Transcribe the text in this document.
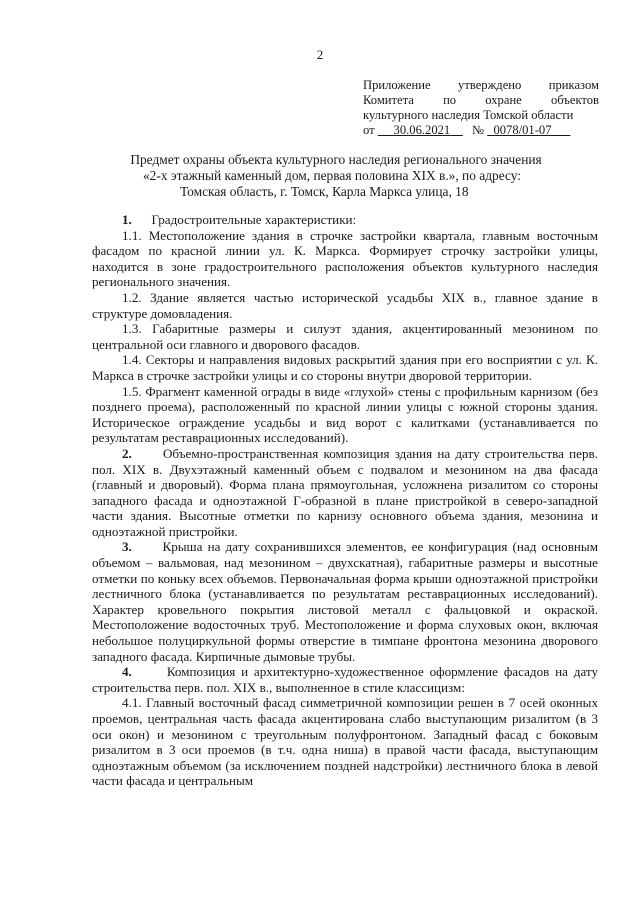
2
Приложение утверждено приказом
Комитета по охране объектов
культурного наследия Томской области
от 30.06.2021 № 0078/01-07
Предмет охраны объекта культурного наследия регионального значения
«2-х этажный каменный дом, первая половина XIX в.», по адресу:
Томская область, г. Томск, Карла Маркса улица, 18

1. Градостроительные характеристики:

1.1. Местоположение здания в строчке застройки квартала, главным восточным фасадом по красной линии ул. К. Маркса. Формирует строчку застройки улицы, находится в зоне градостроительного расположения объектов культурного наследия регионального значения.

1.2. Здание является частью исторической усадьбы XIX в., главное здание в структуре домовладения.

1.3. Габаритные размеры и силуэт здания, акцентированный мезонином по центральной оси главного и дворового фасадов.

1.4. Секторы и направления видовых раскрытий здания при его восприятии с ул. К. Маркса в строчке застройки улицы и со стороны внутри дворовой территории.

1.5. Фрагмент каменной ограды в виде «глухой» стены с профильным карнизом (без позднего проема), расположенный по красной линии улицы с южной стороны здания. Историческое ограждение усадьбы и вид ворот с калитками (устанавливается по результатам реставрационных исследований).

2. Объемно-пространственная композиция здания на дату строительства перв. пол. XIX в. Двухэтажный каменный объем с подвалом и мезонином на два фасада (главный и дворовый). Форма плана прямоугольная, усложнена ризалитом со стороны западного фасада и одноэтажной Г-образной в плане пристройкой в северо-западной части здания. Высотные отметки по карнизу основного объема здания, мезонина и одноэтажной пристройки.

3. Крыша на дату сохранившихся элементов, ее конфигурация (над основным объемом – вальмовая, над мезонином – двухскатная), габаритные размеры и высотные отметки по коньку всех объемов. Первоначальная форма крыши одноэтажной пристройки лестничного блока (устанавливается по результатам реставрационных исследований). Характер кровельного покрытия листовой металл с фальцовкой и окраской. Местоположение водосточных труб. Местоположение и форма слуховых окон, включая небольшое полуциркульной формы отверстие в тимпане фронтона мезонина дворового западного фасада. Кирпичные дымовые трубы.

4.	Композиция и архитектурно-художественное оформление фасадов на дату строительства перв. пол. XIX в., выполненное в стиле классицизм:

4.1. Главный восточный фасад симметричной композиции решен в 7 осей оконных проемов, центральная часть фасада акцентирована слабо выступающим ризалитом (в 3 оси окон) и мезонином с треугольным полуфронтоном. Западный фасад с боковым ризалитом в 3 оси проемов (в т.ч. одна ниша) в правой части фасада, выступающим одноэтажным объемом (за исключением поздней надстройки) лестничного блока в левой части фасада и центральным
